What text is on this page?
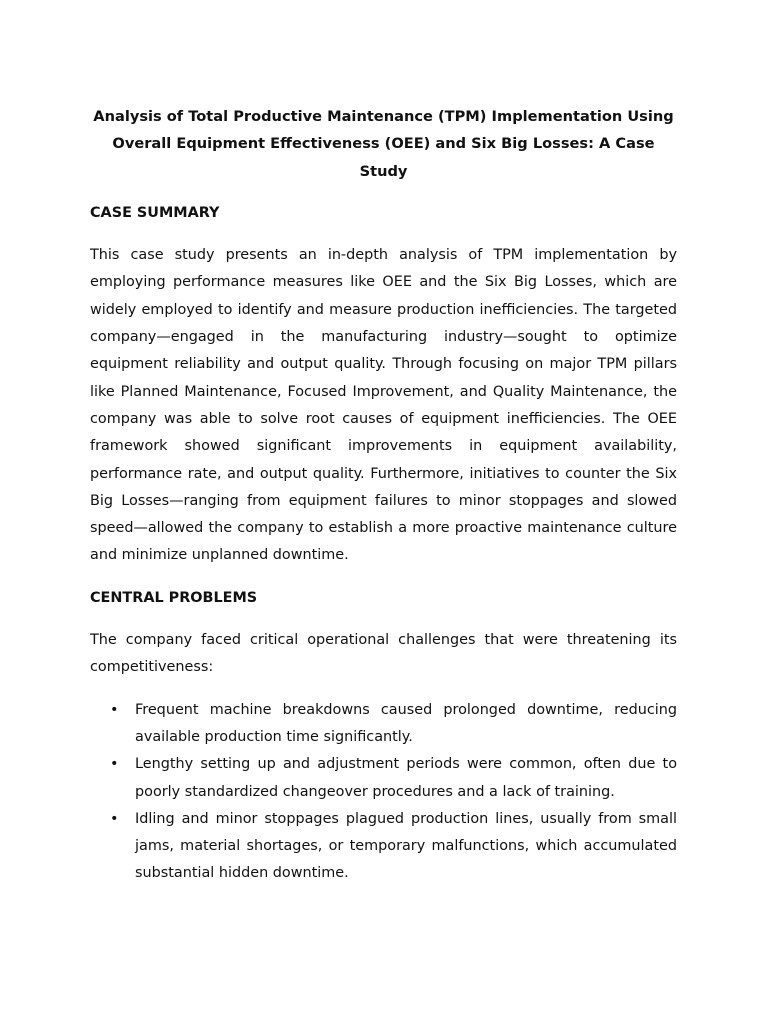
Analysis of Total Productive Maintenance (TPM) Implementation Using Overall Equipment Effectiveness (OEE) and Six Big Losses: A Case Study
CASE SUMMARY

This case study presents an in-depth analysis of TPM implementation by employing performance measures like OEE and the Six Big Losses, which are widely employed to identify and measure production inefficiencies. The targeted company—engaged in the manufacturing industry—sought to optimize equipment reliability and output quality. Through focusing on major TPM pillars like Planned Maintenance, Focused Improvement, and Quality Maintenance, the company was able to solve root causes of equipment inefficiencies. The OEE framework showed significant improvements in equipment availability, performance rate, and output quality. Furthermore, initiatives to counter the Six Big Losses—ranging from equipment failures to minor stoppages and slowed speed—allowed the company to establish a more proactive maintenance culture and minimize unplanned downtime.

CENTRAL PROBLEMS

The company faced critical operational challenges that were threatening its competitiveness:

• Frequent machine breakdowns caused prolonged downtime, reducing available production time significantly.
• Lengthy setting up and adjustment periods were common, often due to poorly standardized changeover procedures and a lack of training.
• Idling and minor stoppages plagued production lines, usually from small jams, material shortages, or temporary malfunctions, which accumulated substantial hidden downtime.
